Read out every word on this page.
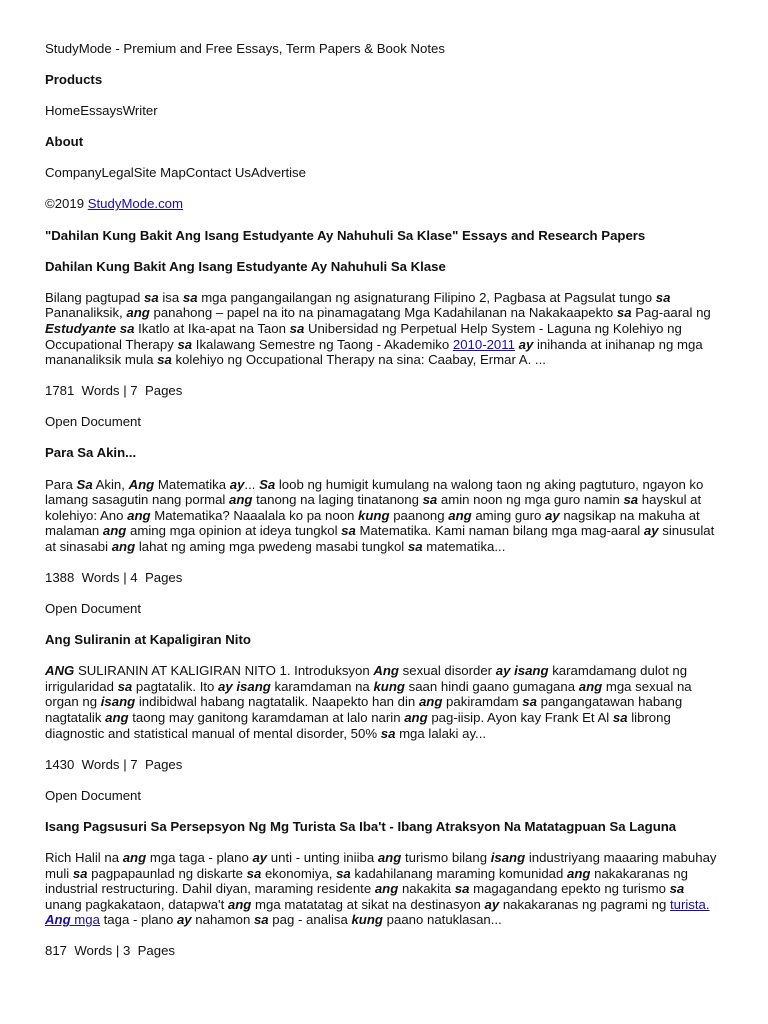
StudyMode - Premium and Free Essays, Term Papers & Book Notes

Products

HomeEssaysWriter

About

CompanyLegalSite MapContact UsAdvertise

©2019 StudyMode.com

"Dahilan Kung Bakit Ang Isang Estudyante Ay Nahuhuli Sa Klase" Essays and Research Papers

Dahilan Kung Bakit Ang Isang Estudyante Ay Nahuhuli Sa Klase

Bilang pagtupad sa isa sa mga pangangailangan ng asignaturang Filipino 2, Pagbasa at Pagsulat tungo sa Pananaliksik, ang panahong – papel na ito na pinamagatang Mga Kadahilanan na Nakakaapekto sa Pag-aaral ng Estudyante sa Ikatlo at Ika-apat na Taon sa Unibersidad ng Perpetual Help System - Laguna ng Kolehiyo ng Occupational Therapy sa Ikalawang Semestre ng Taong - Akademiko 2010-2011 ay inihanda at inihanap ng mga mananaliksik mula sa kolehiyo ng Occupational Therapy na sina: Caabay, Ermar A. ...

1781  Words | 7  Pages

Open Document

Para Sa Akin...

Para Sa Akin, Ang Matematika ay... Sa loob ng humigit kumulang na walong taon ng aking pagtuturo, ngayon ko lamang sasagutin nang pormal ang tanong na laging tinatanong sa amin noon ng mga guro namin sa hayskul at kolehiyo: Ano ang Matematika? Naaalala ko pa noon kung paanong ang aming guro ay nagsikap na makuha at malaman ang aming mga opinion at ideya tungkol sa Matematika. Kami naman bilang mga mag-aaral ay sinusulat at sinasabi ang lahat ng aming mga pwedeng masabi tungkol sa matematika...

1388  Words | 4  Pages

Open Document

Ang Suliranin at Kapaligiran Nito

ANG SULIRANIN AT KALIGIRAN NITO 1. Introduksyon Ang sexual disorder ay isang karamdamang dulot ng irrigularidad sa pagtatalik. Ito ay isang karamdaman na kung saan hindi gaano gumagana ang mga sexual na organ ng isang indibidwal habang nagtatalik. Naapekto han din ang pakiramdam sa pangangatawan habang nagtatalik ang taong may ganitong karamdaman at lalo narin ang pag-iisip. Ayon kay Frank Et Al sa librong diagnostic and statistical manual of mental disorder, 50% sa mga lalaki ay...

1430  Words | 7  Pages

Open Document

Isang Pagsusuri Sa Persepsyon Ng Mg Turista Sa Iba't - Ibang Atraksyon Na Matatagpuan Sa Laguna

Rich Halil na ang mga taga - plano ay unti - unting iniiba ang turismo bilang isang industriyang maaaring mabuhay muli sa pagpapaunlad ng diskarte sa ekonomiya, sa kadahilanang maraming komunidad ang nakakaranas ng industrial restructuring. Dahil diyan, maraming residente ang nakakita sa magagandang epekto ng turismo sa unang pagkakataon, datapwa't ang mga matatatag at sikat na destinasyon ay nakakaranas ng pagrami ng turista. Ang mga taga - plano ay nahamon sa pag - analisa kung paano natuklasan...

817  Words | 3  Pages
